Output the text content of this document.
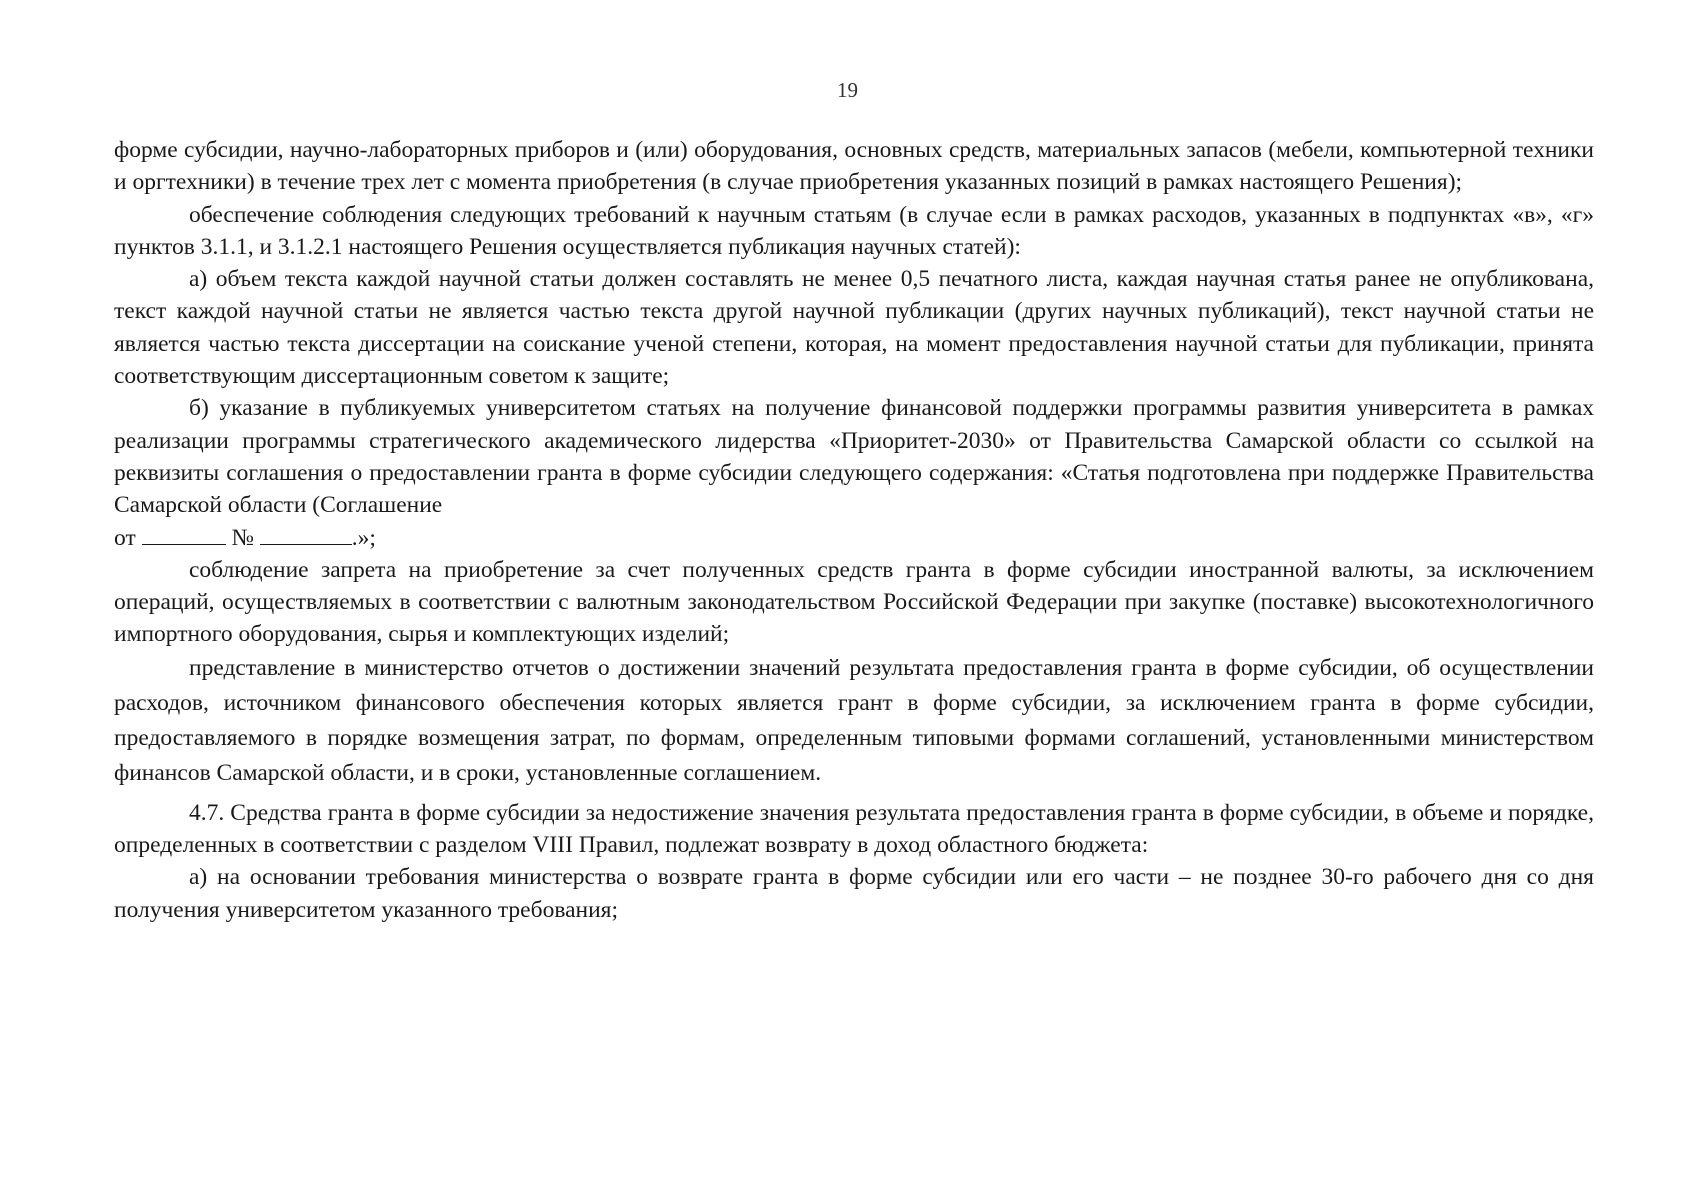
19

форме субсидии, научно-лабораторных приборов и (или) оборудования, основных средств, материальных запасов (мебели, компьютерной техники и оргтехники) в течение трех лет с момента приобретения (в случае приобретения указанных позиций в рамках настоящего Решения);

обеспечение соблюдения следующих требований к научным статьям (в случае если в рамках расходов, указанных в подпунктах «в», «г» пунктов 3.1.1, и 3.1.2.1 настоящего Решения осуществляется публикация научных статей):

а) объем текста каждой научной статьи должен составлять не менее 0,5 печатного листа, каждая научная статья ранее не опубликована, текст каждой научной статьи не является частью текста другой научной публикации (других научных публикаций), текст научной статьи не является частью текста диссертации на соискание ученой степени, которая, на момент предоставления научной статьи для публикации, принята соответствующим диссертационным советом к защите;

б) указание в публикуемых университетом статьях на получение финансовой поддержки программы развития университета в рамках реализации программы стратегического академического лидерства «Приоритет-2030» от Правительства Самарской области со ссылкой на реквизиты соглашения о предоставлении гранта в форме субсидии следующего содержания: «Статья подготовлена при поддержке Правительства Самарской области (Соглашение

от	№	.»;

соблюдение запрета на приобретение за счет полученных средств гранта в форме субсидии иностранной валюты, за исключением операций, осуществляемых в соответствии с валютным законодательством Российской Федерации при закупке (поставке) высокотехнологичного импортного оборудования, сырья и комплектующих изделий;

представление в министерство отчетов о достижении значений результата предоставления гранта в форме субсидии, об осуществлении расходов, источником финансового обеспечения которых является грант в форме субсидии, за исключением гранта в форме субсидии, предоставляемого в порядке возмещения затрат, по формам, определенным типовыми формами соглашений, установленными министерством финансов Самарской области, и в сроки, установленные соглашением.

4.7. Средства гранта в форме субсидии за недостижение значения результата предоставления гранта в форме субсидии, в объеме и порядке, определенных в соответствии с разделом VIII Правил, подлежат возврату в доход областного бюджета:

а) на основании требования министерства о возврате гранта в форме субсидии или его части – не позднее 30-го рабочего дня со дня получения университетом указанного требования;
